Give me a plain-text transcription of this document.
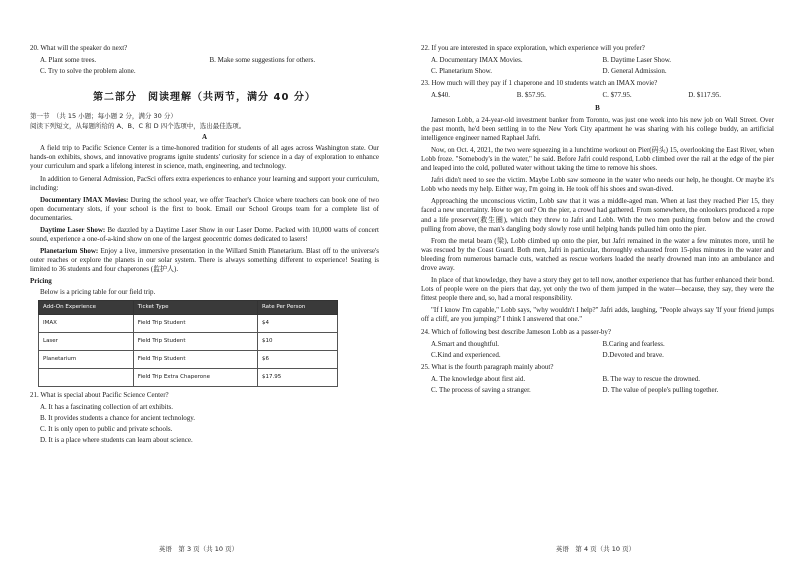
20. What will the speaker do next?
A. Plant some trees.	B. Make some suggestions for others.
C. Try to solve the problem alone.
第二部分　阅读理解（共两节，满分 40 分）
第一节　（共 15 小题；每小题 2 分，满分 30 分）
阅读下列短文，从每题所给的 A、B、C 和 D 四个选项中，选出最佳选项。
A

A field trip to Pacific Science Center is a time-honored tradition for students of all ages across Washington state. Our hands-on exhibits, shows, and innovative programs ignite students' curiosity for science in a day of exploration to enhance your curriculum and spark a lifelong interest in science, math, engineering, and technology.

In addition to General Admission, PacSci offers extra experiences to enhance your learning and support your curriculum, including:

Documentary IMAX Movies: During the school year, we offer Teacher's Choice where teachers can book one of two open documentary slots, if your school is the first to book. Email our School Groups team for a complete list of documentaries.

Daytime Laser Show: Be dazzled by a Daytime Laser Show in our Laser Dome. Packed with 10,000 watts of concert sound, experience a one-of-a-kind show on one of the largest geocentric domes dedicated to lasers!

Planetarium Show: Enjoy a live, immersive presentation in the Willard Smith Planetarium. Blast off to the universe's outer reaches or explore the planets in our solar system. There is always something different to experience! Seating is limited to 36 students and four chaperones (监护人).

Pricing

Below is a pricing table for our field trip.

Add-On Experience	Ticket Type	Rate Per Person
IMAX	Field Trip Student	$4
Laser	Field Trip Student	$10
Planetarium	Field Trip Student	$6
	Field Trip Extra Chaperone	$17.95
21. What is special about Pacific Science Center?
A. It has a fascinating collection of art exhibits.
B. It provides students a chance for ancient technology.
C. It is only open to public and private schools.
D. It is a place where students can learn about science.
英语　第 3 页（共 10 页）
22. If you are interested in space exploration, which experience will you prefer?
A. Documentary IMAX Movies.	B. Daytime Laser Show.
C. Planetarium Show.	D. General Admission.
23. How much will they pay if 1 chaperone and 10 students watch an IMAX movie?
A.$40.	B. $57.95.	C. $77.95.	D. $117.95.
B

Jameson Lobb, a 24-year-old investment banker from Toronto, was just one week into his new job on Wall Street. Over the past month, he'd been settling in to the New York City apartment he was sharing with his college buddy, an artificial intelligence engineer named Raphael Jafri.

Now, on Oct. 4, 2021, the two were squeezing in a lunchtime workout on Pier(码头) 15, overlooking the East River, when Lobb froze. "Somebody's in the water," he said. Before Jafri could respond, Lobb climbed over the rail at the edge of the pier and leaped into the cold, polluted water without taking the time to remove his shoes.

Jafri didn't need to see the victim. Maybe Lobb saw someone in the water who needs our help, he thought. Or maybe it's Lobb who needs my help. Either way, I'm going in. He took off his shoes and swan-dived.

Approaching the unconscious victim, Lobb saw that it was a middle-aged man. When at last they reached Pier 15, they faced a new uncertainty. How to get out? On the pier, a crowd had gathered. From somewhere, the onlookers produced a rope and a life preserver(救生圈), which they threw to Jafri and Lobb. With the two men pushing from below and the crowd pulling from above, the man's dangling body slowly rose until helping hands pulled him onto the pier.

From the metal beam (梁), Lobb climbed up onto the pier, but Jafri remained in the water a few minutes more, until he was rescued by the Coast Guard. Both men, Jafri in particular, thoroughly exhausted from 15-plus minutes in the water and bleeding from numerous barnacle cuts, watched as rescue workers loaded the nearly drowned man into an ambulance and drove away.

In place of that knowledge, they have a story they get to tell now, another experience that has further enhanced their bond. Lots of people were on the piers that day, yet only the two of them jumped in the water—because, they say, they were the fittest people there and, so, had a moral responsibility.

"If I know I'm capable," Lobb says, "why wouldn't I help?" Jafri adds, laughing, "People always say 'If your friend jumps off a cliff, are you jumping?' I think I answered that one."

24. Which of following best describe Jameson Lobb as a passer-by?
A.Smart and thoughtful.	B.Caring and fearless.
C.Kind and experienced.	D.Devoted and brave.
25. What is the fourth paragraph mainly about?
A. The knowledge about first aid.	B. The way to rescue the drowned.
C. The process of saving a stranger.	D. The value of people's pulling together.
英语　第 4 页（共 10 页）
